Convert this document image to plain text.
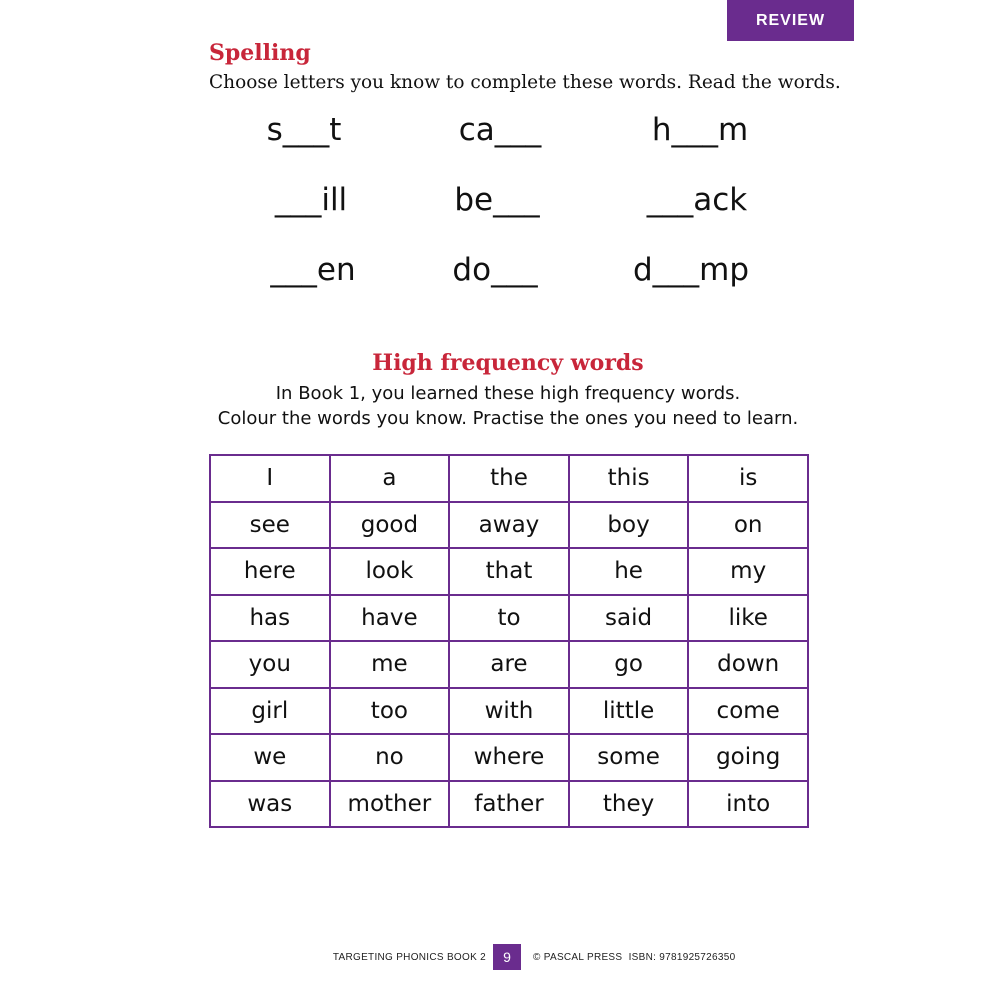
REVIEW
Spelling

Choose letters you know to complete these words. Read the words.

s___t	ca___	h___m
___ill	be___	___ack
___en	do___	d___mp
High frequency words
In Book 1, you learned these high frequency words.
Colour the words you know. Practise the ones you need to learn.
I	a	the	this	is
see	good	away	boy	on
here	look	that	he	my
has	have	to	said	like
you	me	are	go	down
girl	too	with	little	come
we	no	where	some	going
was	mother	father	they	into
TARGETING PHONICS BOOK 2	9	© PASCAL PRESS ISBN: 9781925726350
